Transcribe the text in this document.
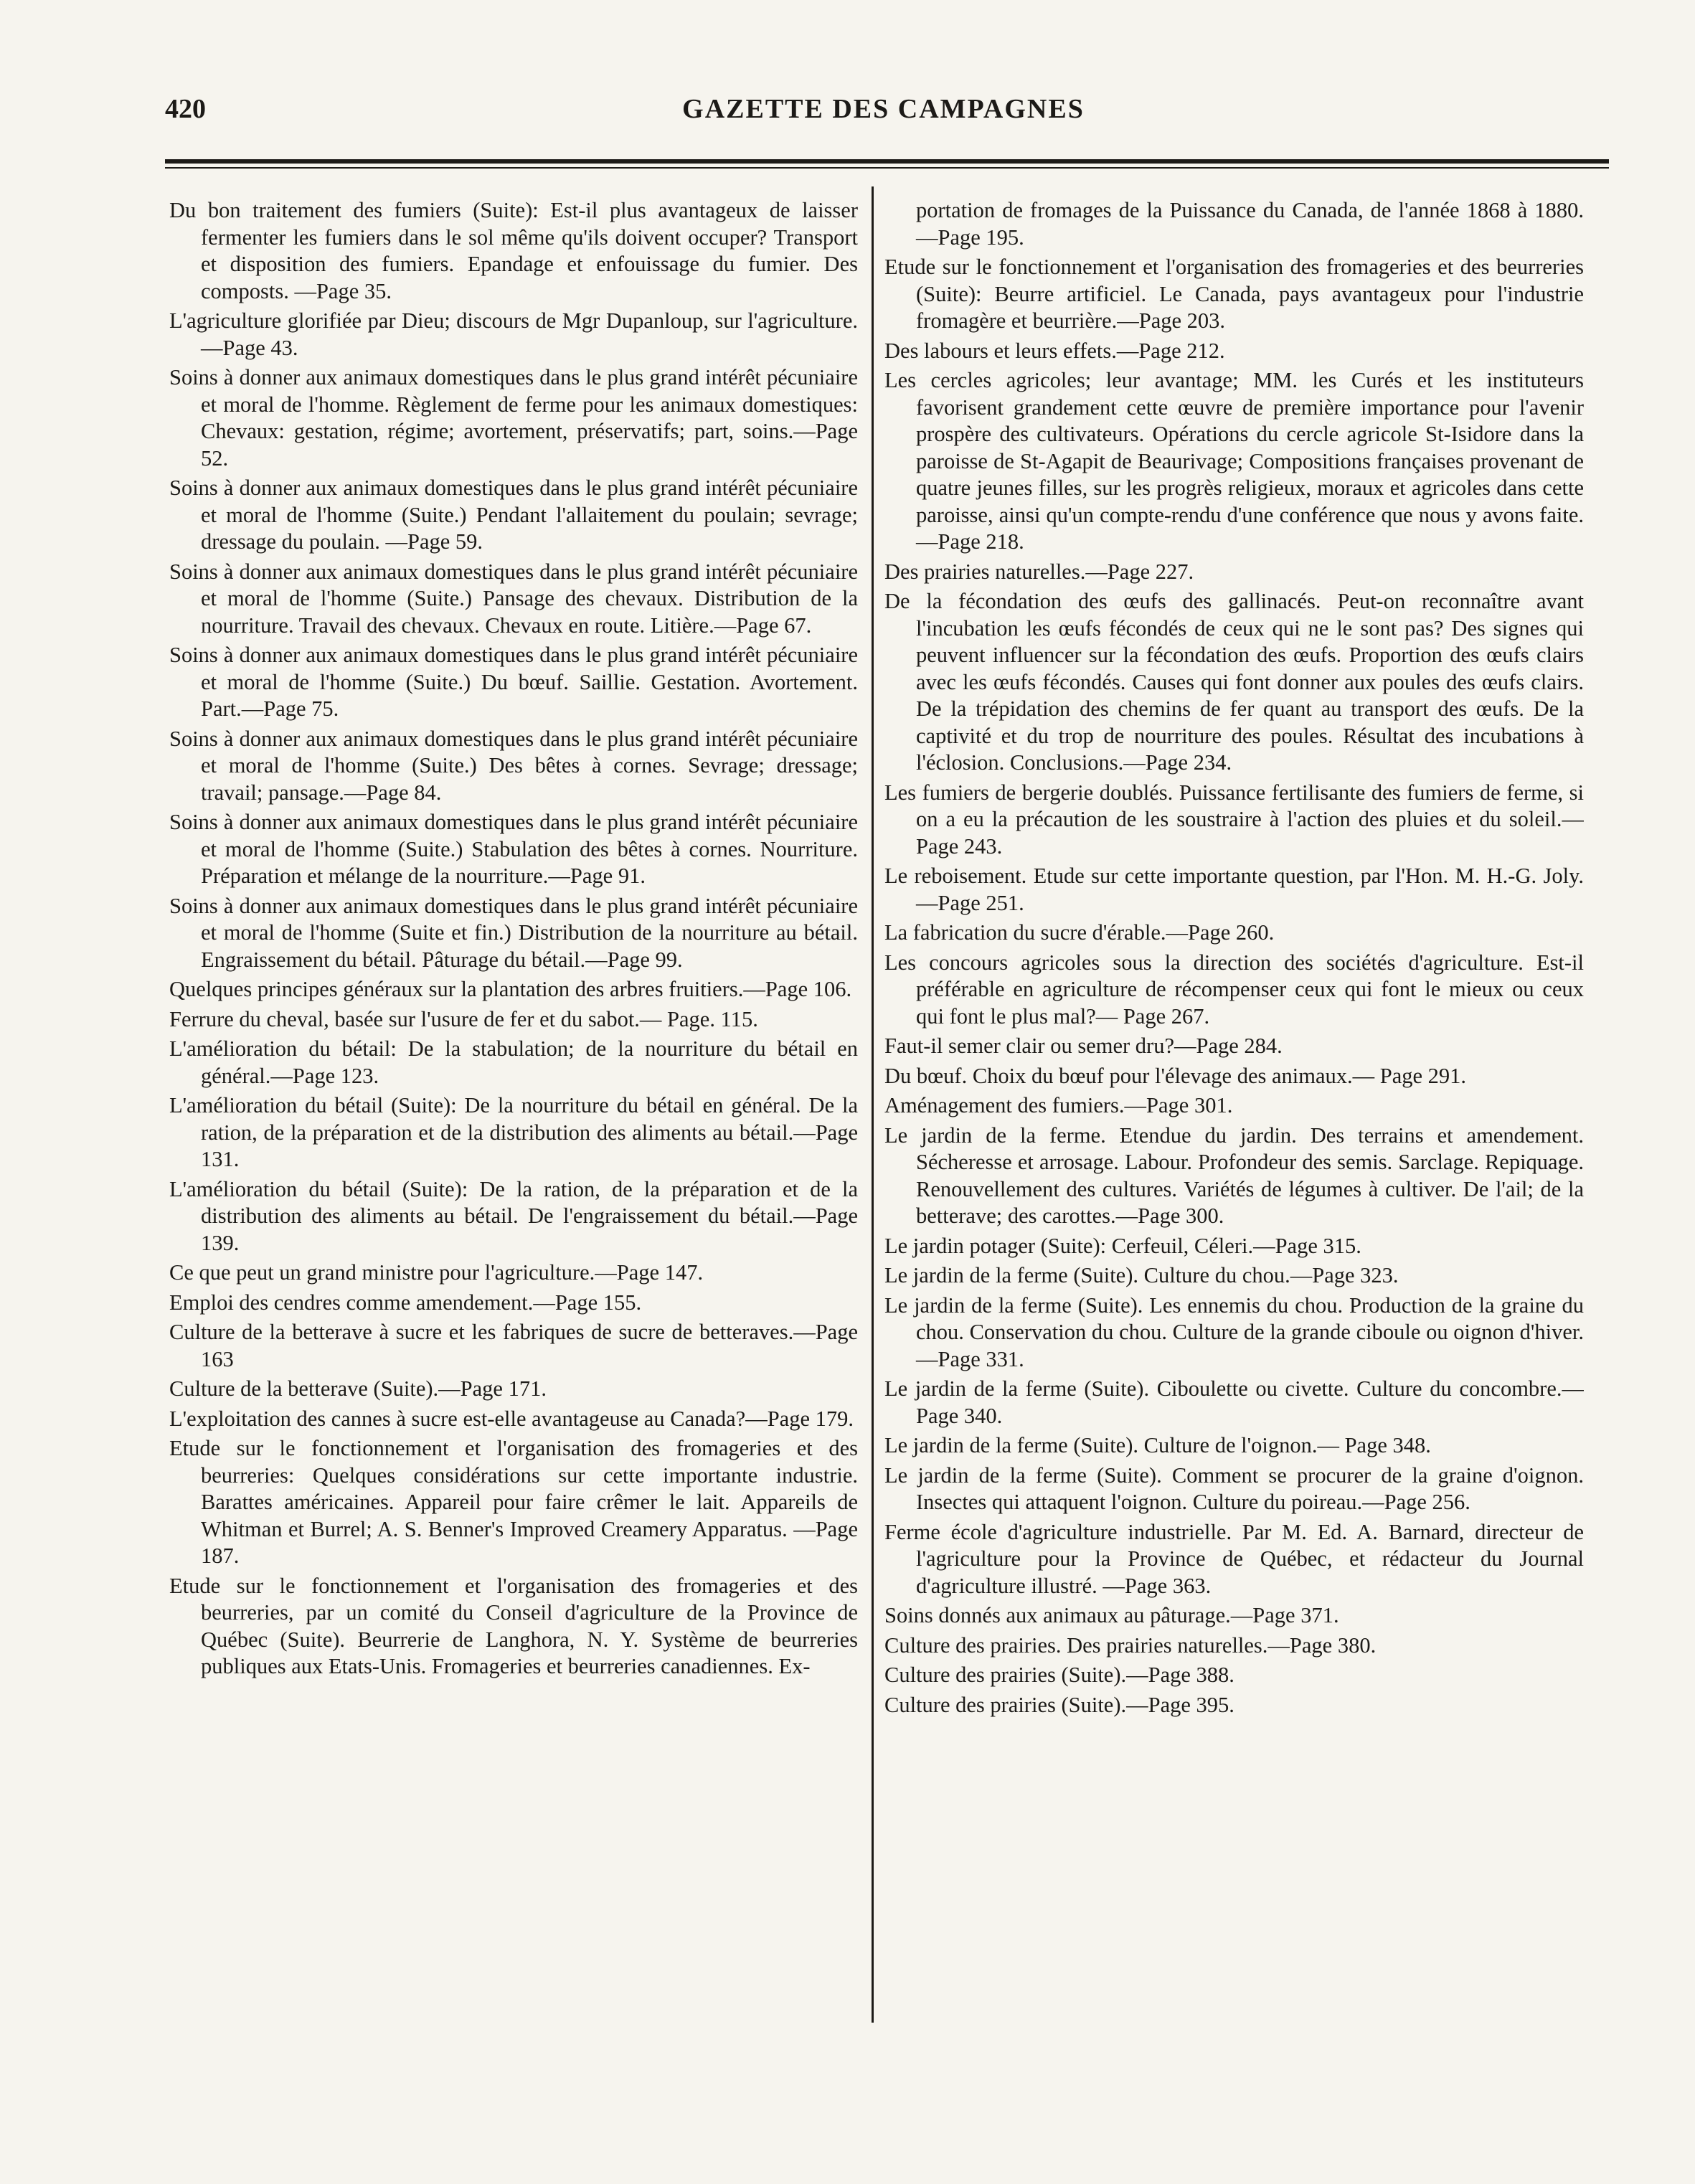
420	GAZETTE DES CAMPAGNES
Du bon traitement des fumiers (Suite): Est-il plus avantageux de laisser fermenter les fumiers dans le sol même qu'ils doivent occuper? Transport et disposition des fumiers. Epandage et enfouissage du fumier. Des composts. —Page 35.
L'agriculture glorifiée par Dieu; discours de Mgr Dupanloup, sur l'agriculture.—Page 43.
Soins à donner aux animaux domestiques dans le plus grand intérêt pécuniaire et moral de l'homme. Règlement de ferme pour les animaux domestiques: Chevaux: gestation, régime; avortement, préservatifs; part, soins.—Page 52.
Soins à donner aux animaux domestiques dans le plus grand intérêt pécuniaire et moral de l'homme (Suite.) Pendant l'allaitement du poulain; sevrage; dressage du poulain. —Page 59.
Soins à donner aux animaux domestiques dans le plus grand intérêt pécuniaire et moral de l'homme (Suite.) Pansage des chevaux. Distribution de la nourriture. Travail des chevaux. Chevaux en route. Litière.—Page 67.
Soins à donner aux animaux domestiques dans le plus grand intérêt pécuniaire et moral de l'homme (Suite.) Du bœuf. Saillie. Gestation. Avortement. Part.—Page 75.
Soins à donner aux animaux domestiques dans le plus grand intérêt pécuniaire et moral de l'homme (Suite.) Des bêtes à cornes. Sevrage; dressage; travail; pansage.—Page 84.
Soins à donner aux animaux domestiques dans le plus grand intérêt pécuniaire et moral de l'homme (Suite.) Stabulation des bêtes à cornes. Nourriture. Préparation et mélange de la nourriture.—Page 91.
Soins à donner aux animaux domestiques dans le plus grand intérêt pécuniaire et moral de l'homme (Suite et fin.) Distribution de la nourriture au bétail. Engraissement du bétail. Pâturage du bétail.—Page 99.
Quelques principes généraux sur la plantation des arbres fruitiers.—Page 106.
Ferrure du cheval, basée sur l'usure de fer et du sabot.— Page. 115.
L'amélioration du bétail: De la stabulation; de la nourriture du bétail en général.—Page 123.
L'amélioration du bétail (Suite): De la nourriture du bétail en général. De la ration, de la préparation et de la distribution des aliments au bétail.—Page 131.
L'amélioration du bétail (Suite): De la ration, de la préparation et de la distribution des aliments au bétail. De l'engraissement du bétail.—Page 139.
Ce que peut un grand ministre pour l'agriculture.—Page 147.
Emploi des cendres comme amendement.—Page 155.
Culture de la betterave à sucre et les fabriques de sucre de betteraves.—Page 163
Culture de la betterave (Suite).—Page 171.
L'exploitation des cannes à sucre est-elle avantageuse au Canada?—Page 179.
Etude sur le fonctionnement et l'organisation des fromageries et des beurreries: Quelques considérations sur cette importante industrie. Barattes américaines. Appareil pour faire crêmer le lait. Appareils de Whitman et Burrel; A. S. Benner's Improved Creamery Apparatus. —Page 187.
Etude sur le fonctionnement et l'organisation des fromageries et des beurreries, par un comité du Conseil d'agriculture de la Province de Québec (Suite). Beurrerie de Langhora, N. Y. Système de beurreries publiques aux Etats-Unis. Fromageries et beurreries canadiennes. Ex-
portation de fromages de la Puissance du Canada, de l'année 1868 à 1880.—Page 195.
Etude sur le fonctionnement et l'organisation des fromageries et des beurreries (Suite): Beurre artificiel. Le Canada, pays avantageux pour l'industrie fromagère et beurrière.—Page 203.
Des labours et leurs effets.—Page 212.
Les cercles agricoles; leur avantage; MM. les Curés et les instituteurs favorisent grandement cette œuvre de première importance pour l'avenir prospère des cultivateurs. Opérations du cercle agricole St-Isidore dans la paroisse de St-Agapit de Beaurivage; Compositions françaises provenant de quatre jeunes filles, sur les progrès religieux, moraux et agricoles dans cette paroisse, ainsi qu'un compte-rendu d'une conférence que nous y avons faite.—Page 218.
Des prairies naturelles.—Page 227.
De la fécondation des œufs des gallinacés. Peut-on reconnaître avant l'incubation les œufs fécondés de ceux qui ne le sont pas? Des signes qui peuvent influencer sur la fécondation des œufs. Proportion des œufs clairs avec les œufs fécondés. Causes qui font donner aux poules des œufs clairs. De la trépidation des chemins de fer quant au transport des œufs. De la captivité et du trop de nourriture des poules. Résultat des incubations à l'éclosion. Conclusions.—Page 234.
Les fumiers de bergerie doublés. Puissance fertilisante des fumiers de ferme, si on a eu la précaution de les soustraire à l'action des pluies et du soleil.—Page 243.
Le reboisement. Etude sur cette importante question, par l'Hon. M. H.-G. Joly.—Page 251.
La fabrication du sucre d'érable.—Page 260.
Les concours agricoles sous la direction des sociétés d'agriculture. Est-il préférable en agriculture de récompenser ceux qui font le mieux ou ceux qui font le plus mal?— Page 267.
Faut-il semer clair ou semer dru?—Page 284.
Du bœuf. Choix du bœuf pour l'élevage des animaux.— Page 291.
Aménagement des fumiers.—Page 301.
Le jardin de la ferme. Etendue du jardin. Des terrains et amendement. Sécheresse et arrosage. Labour. Profondeur des semis. Sarclage. Repiquage. Renouvellement des cultures. Variétés de légumes à cultiver. De l'ail; de la betterave; des carottes.—Page 300.
Le jardin potager (Suite): Cerfeuil, Céleri.—Page 315.
Le jardin de la ferme (Suite). Culture du chou.—Page 323.
Le jardin de la ferme (Suite). Les ennemis du chou. Production de la graine du chou. Conservation du chou. Culture de la grande ciboule ou oignon d'hiver.—Page 331.
Le jardin de la ferme (Suite). Ciboulette ou civette. Culture du concombre.—Page 340.
Le jardin de la ferme (Suite). Culture de l'oignon.— Page 348.
Le jardin de la ferme (Suite). Comment se procurer de la graine d'oignon. Insectes qui attaquent l'oignon. Culture du poireau.—Page 256.
Ferme école d'agriculture industrielle. Par M. Ed. A. Barnard, directeur de l'agriculture pour la Province de Québec, et rédacteur du Journal d'agriculture illustré. —Page 363.
Soins donnés aux animaux au pâturage.—Page 371.
Culture des prairies. Des prairies naturelles.—Page 380.
Culture des prairies (Suite).—Page 388.
Culture des prairies (Suite).—Page 395.
